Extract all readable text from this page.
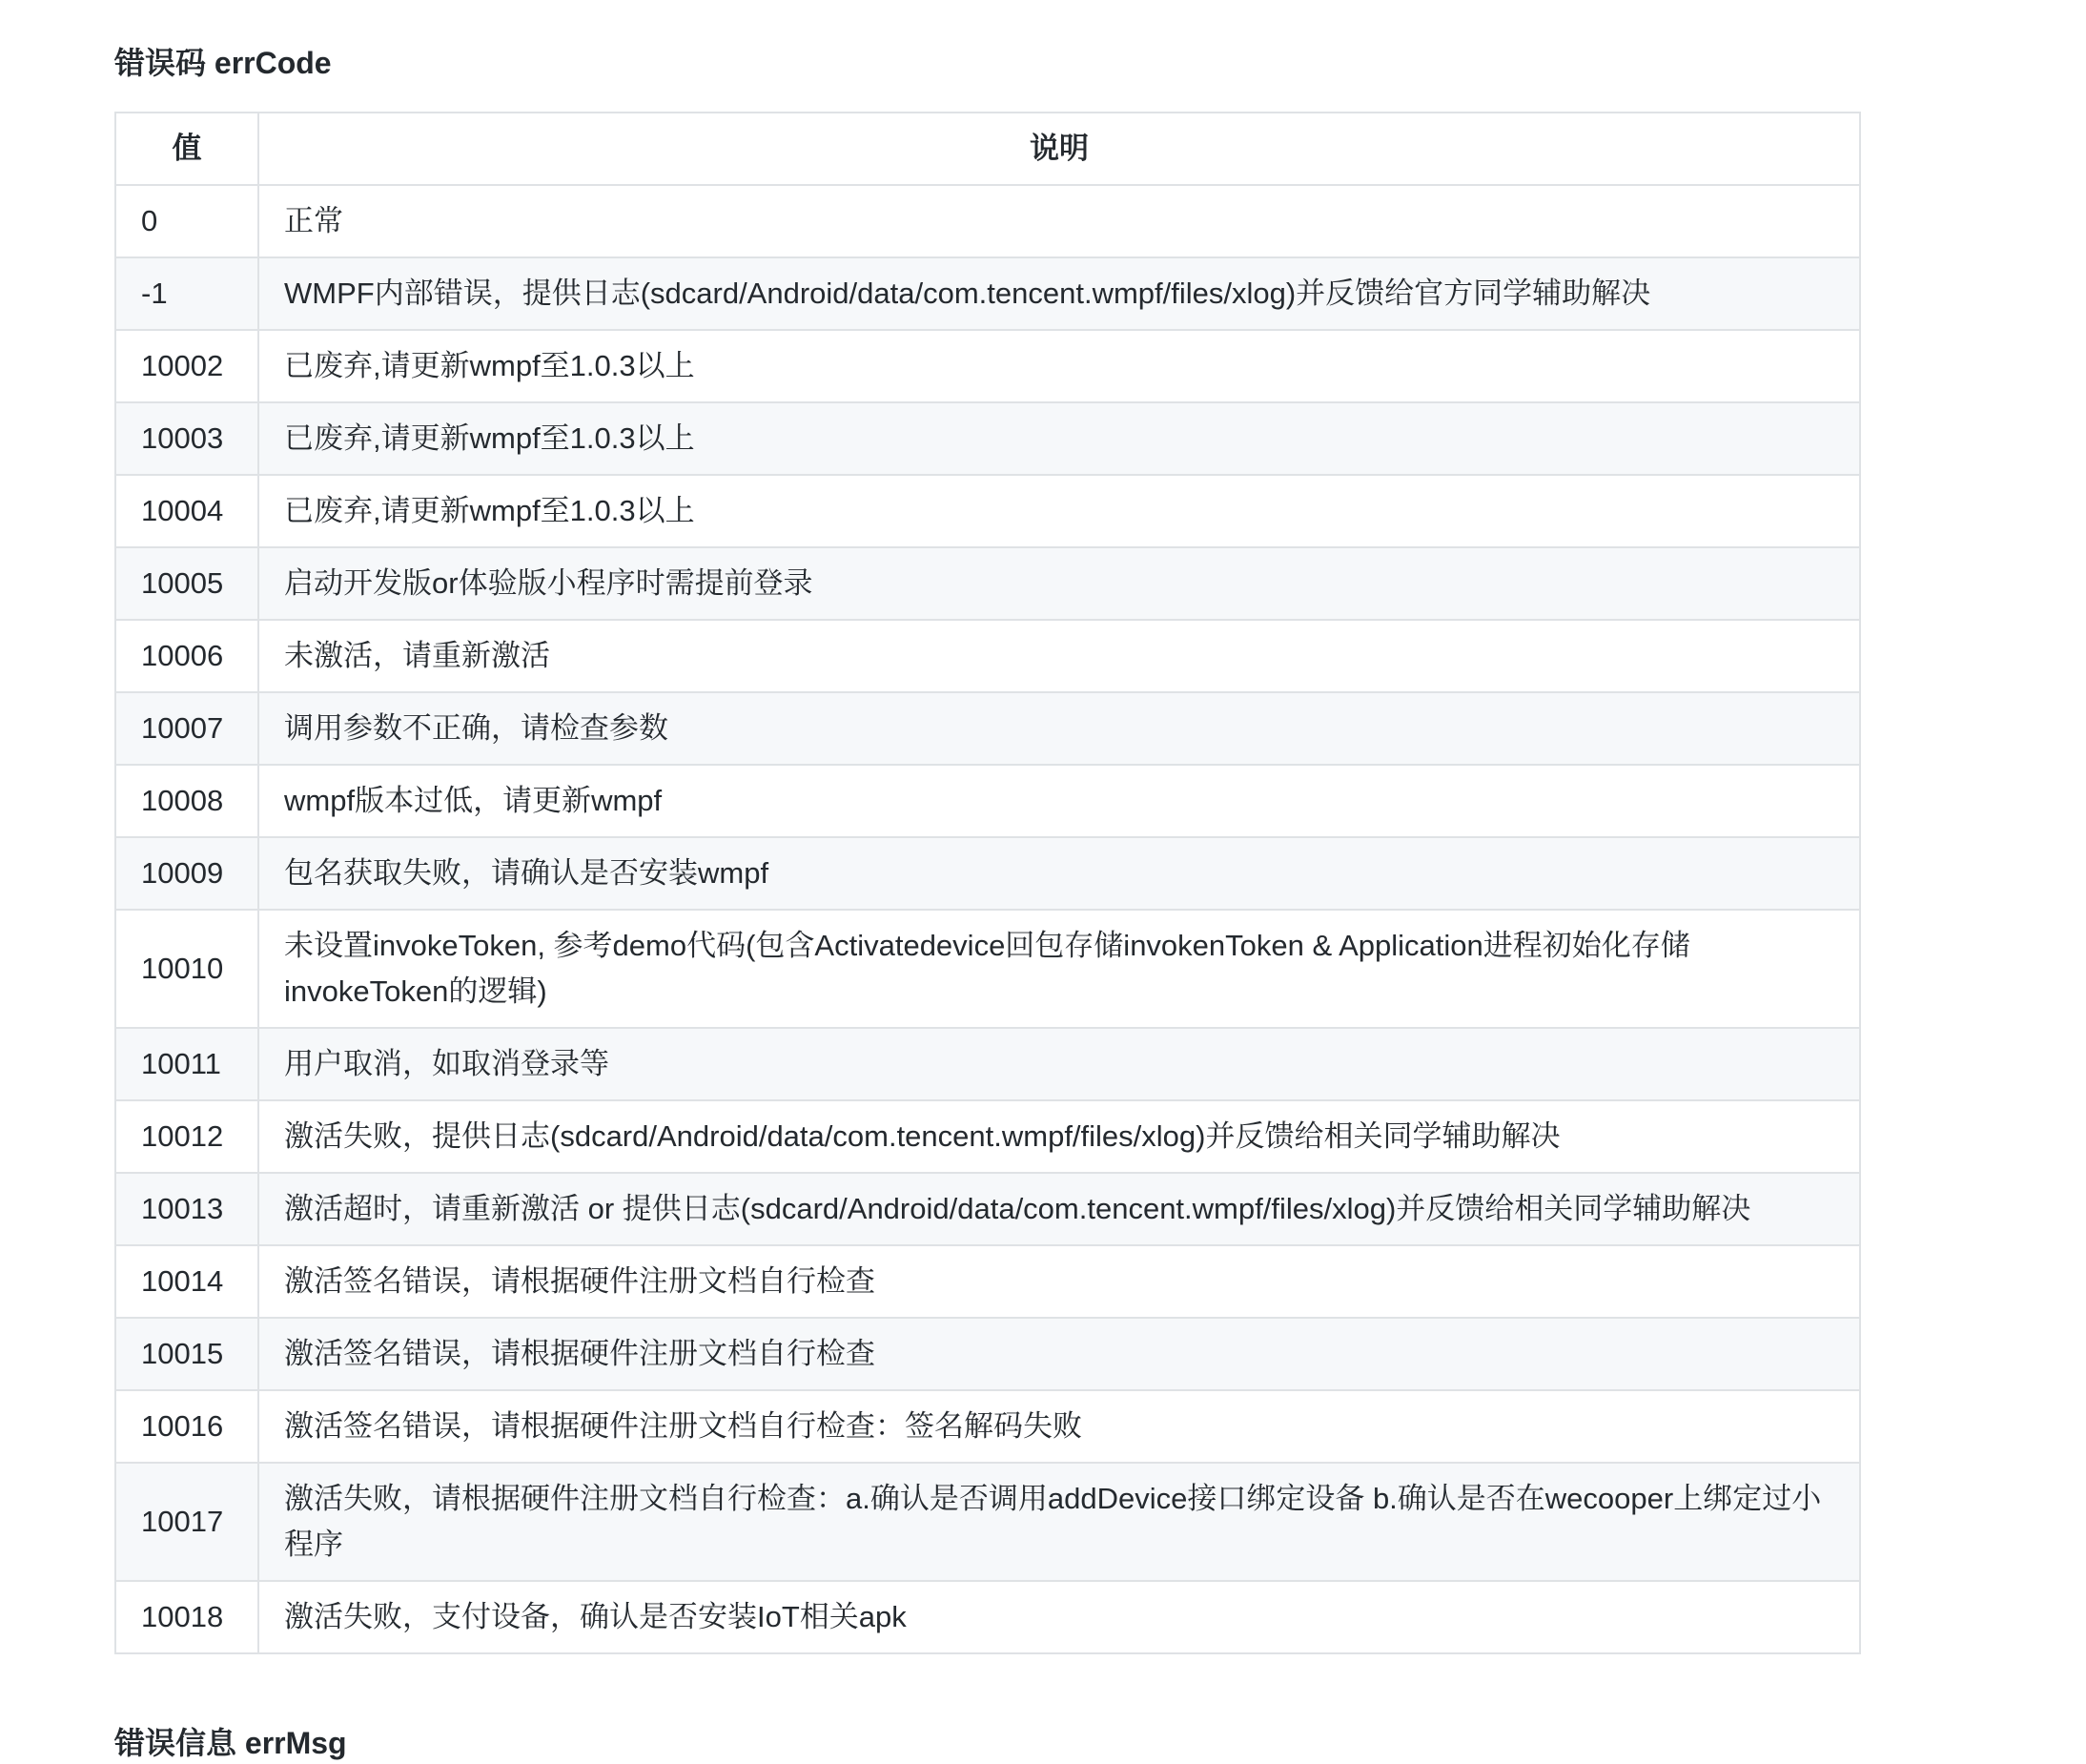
错误码 errCode
值	说明
0	正常
-1	WMPF内部错误，提供日志(sdcard/Android/data/com.tencent.wmpf/files/xlog)并反馈给官方同学辅助解决
10002	已废弃,请更新wmpf至1.0.3以上
10003	已废弃,请更新wmpf至1.0.3以上
10004	已废弃,请更新wmpf至1.0.3以上
10005	启动开发版or体验版小程序时需提前登录
10006	未激活，请重新激活
10007	调用参数不正确，请检查参数
10008	wmpf版本过低，请更新wmpf
10009	包名获取失败，请确认是否安装wmpf
10010	未设置invokeToken, 参考demo代码(包含Activatedevice回包存储invokenToken & Application进程初始化存储invokeToken的逻辑)
10011	用户取消，如取消登录等
10012	激活失败，提供日志(sdcard/Android/data/com.tencent.wmpf/files/xlog)并反馈给相关同学辅助解决
10013	激活超时，请重新激活 or 提供日志(sdcard/Android/data/com.tencent.wmpf/files/xlog)并反馈给相关同学辅助解决
10014	激活签名错误，请根据硬件注册文档自行检查
10015	激活签名错误，请根据硬件注册文档自行检查
10016	激活签名错误，请根据硬件注册文档自行检查：签名解码失败
10017	激活失败，请根据硬件注册文档自行检查：a.确认是否调用addDevice接口绑定设备 b.确认是否在wecooper上绑定过小程序
10018	激活失败，支付设备，确认是否安装IoT相关apk
错误信息 errMsg
